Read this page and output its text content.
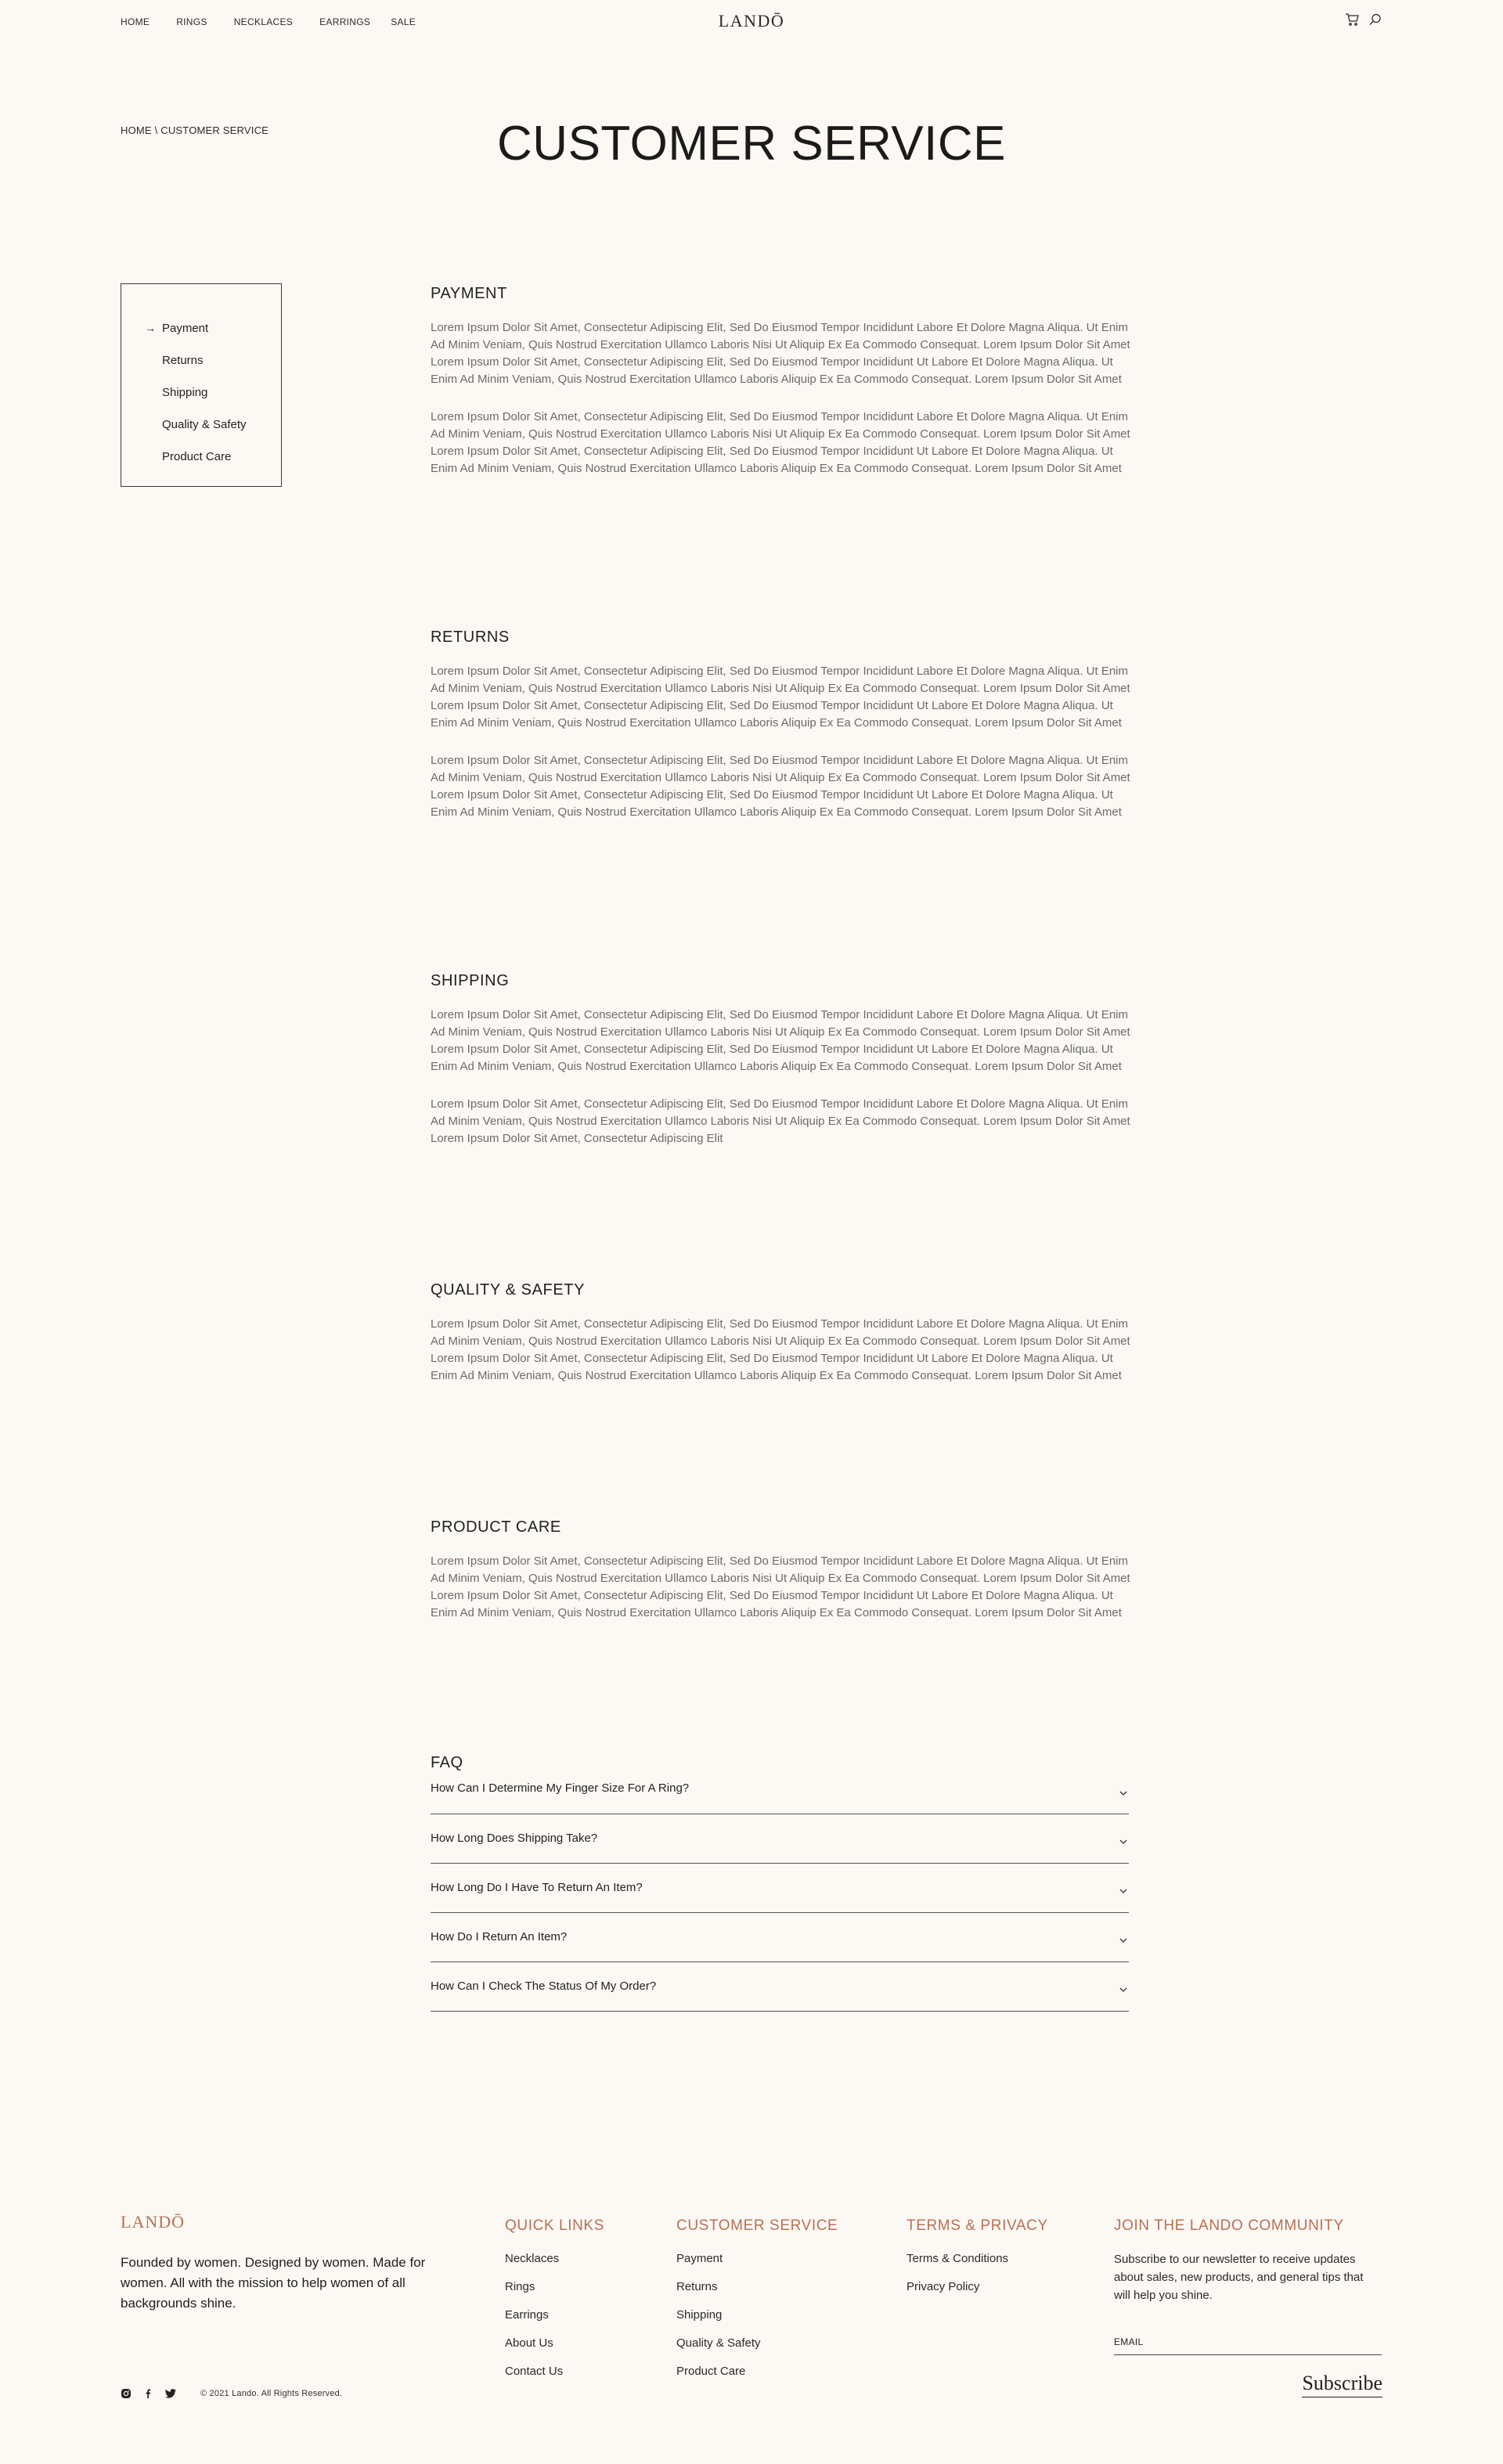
HOME	RINGS	NECKLACES	EARRINGS SALE	LANDŌ
HOME \ CUSTOMER SERVICE	CUSTOMER SERVICE
→ Payment
Returns
Shipping
Quality & Safety
Product Care
PAYMENT

Lorem Ipsum Dolor Sit Amet, Consectetur Adipiscing Elit, Sed Do Eiusmod Tempor Incididunt Labore Et Dolore Magna Aliqua. Ut Enim Ad Minim Veniam, Quis Nostrud Exercitation Ullamco Laboris Nisi Ut Aliquip Ex Ea Commodo Consequat. Lorem Ipsum Dolor Sit Amet Lorem Ipsum Dolor Sit Amet, Consectetur Adipiscing Elit, Sed Do Eiusmod Tempor Incididunt Ut Labore Et Dolore Magna Aliqua. Ut Enim Ad Minim Veniam, Quis Nostrud Exercitation Ullamco Laboris Aliquip Ex Ea Commodo Consequat. Lorem Ipsum Dolor Sit Amet

Lorem Ipsum Dolor Sit Amet, Consectetur Adipiscing Elit, Sed Do Eiusmod Tempor Incididunt Labore Et Dolore Magna Aliqua. Ut Enim Ad Minim Veniam, Quis Nostrud Exercitation Ullamco Laboris Nisi Ut Aliquip Ex Ea Commodo Consequat. Lorem Ipsum Dolor Sit Amet Lorem Ipsum Dolor Sit Amet, Consectetur Adipiscing Elit, Sed Do Eiusmod Tempor Incididunt Ut Labore Et Dolore Magna Aliqua. Ut Enim Ad Minim Veniam, Quis Nostrud Exercitation Ullamco Laboris Aliquip Ex Ea Commodo Consequat. Lorem Ipsum Dolor Sit Amet

RETURNS

Lorem Ipsum Dolor Sit Amet, Consectetur Adipiscing Elit, Sed Do Eiusmod Tempor Incididunt Labore Et Dolore Magna Aliqua. Ut Enim Ad Minim Veniam, Quis Nostrud Exercitation Ullamco Laboris Nisi Ut Aliquip Ex Ea Commodo Consequat. Lorem Ipsum Dolor Sit Amet Lorem Ipsum Dolor Sit Amet, Consectetur Adipiscing Elit, Sed Do Eiusmod Tempor Incididunt Ut Labore Et Dolore Magna Aliqua. Ut Enim Ad Minim Veniam, Quis Nostrud Exercitation Ullamco Laboris Aliquip Ex Ea Commodo Consequat. Lorem Ipsum Dolor Sit Amet

Lorem Ipsum Dolor Sit Amet, Consectetur Adipiscing Elit, Sed Do Eiusmod Tempor Incididunt Labore Et Dolore Magna Aliqua. Ut Enim Ad Minim Veniam, Quis Nostrud Exercitation Ullamco Laboris Nisi Ut Aliquip Ex Ea Commodo Consequat. Lorem Ipsum Dolor Sit Amet Lorem Ipsum Dolor Sit Amet, Consectetur Adipiscing Elit, Sed Do Eiusmod Tempor Incididunt Ut Labore Et Dolore Magna Aliqua. Ut Enim Ad Minim Veniam, Quis Nostrud Exercitation Ullamco Laboris Aliquip Ex Ea Commodo Consequat. Lorem Ipsum Dolor Sit Amet

SHIPPING

Lorem Ipsum Dolor Sit Amet, Consectetur Adipiscing Elit, Sed Do Eiusmod Tempor Incididunt Labore Et Dolore Magna Aliqua. Ut Enim Ad Minim Veniam, Quis Nostrud Exercitation Ullamco Laboris Nisi Ut Aliquip Ex Ea Commodo Consequat. Lorem Ipsum Dolor Sit Amet Lorem Ipsum Dolor Sit Amet, Consectetur Adipiscing Elit, Sed Do Eiusmod Tempor Incididunt Ut Labore Et Dolore Magna Aliqua. Ut Enim Ad Minim Veniam, Quis Nostrud Exercitation Ullamco Laboris Aliquip Ex Ea Commodo Consequat. Lorem Ipsum Dolor Sit Amet

Lorem Ipsum Dolor Sit Amet, Consectetur Adipiscing Elit, Sed Do Eiusmod Tempor Incididunt Labore Et Dolore Magna Aliqua. Ut Enim Ad Minim Veniam, Quis Nostrud Exercitation Ullamco Laboris Nisi Ut Aliquip Ex Ea Commodo Consequat. Lorem Ipsum Dolor Sit Amet Lorem Ipsum Dolor Sit Amet, Consectetur Adipiscing Elit

QUALITY & SAFETY

Lorem Ipsum Dolor Sit Amet, Consectetur Adipiscing Elit, Sed Do Eiusmod Tempor Incididunt Labore Et Dolore Magna Aliqua. Ut Enim Ad Minim Veniam, Quis Nostrud Exercitation Ullamco Laboris Nisi Ut Aliquip Ex Ea Commodo Consequat. Lorem Ipsum Dolor Sit Amet Lorem Ipsum Dolor Sit Amet, Consectetur Adipiscing Elit, Sed Do Eiusmod Tempor Incididunt Ut Labore Et Dolore Magna Aliqua. Ut Enim Ad Minim Veniam, Quis Nostrud Exercitation Ullamco Laboris Aliquip Ex Ea Commodo Consequat. Lorem Ipsum Dolor Sit Amet

PRODUCT CARE

Lorem Ipsum Dolor Sit Amet, Consectetur Adipiscing Elit, Sed Do Eiusmod Tempor Incididunt Labore Et Dolore Magna Aliqua. Ut Enim Ad Minim Veniam, Quis Nostrud Exercitation Ullamco Laboris Nisi Ut Aliquip Ex Ea Commodo Consequat. Lorem Ipsum Dolor Sit Amet Lorem Ipsum Dolor Sit Amet, Consectetur Adipiscing Elit, Sed Do Eiusmod Tempor Incididunt Ut Labore Et Dolore Magna Aliqua. Ut Enim Ad Minim Veniam, Quis Nostrud Exercitation Ullamco Laboris Aliquip Ex Ea Commodo Consequat. Lorem Ipsum Dolor Sit Amet

FAQ
How Can I Determine My Finger Size For A Ring?
How Long Does Shipping Take?
How Long Do I Have To Return An Item?
How Do I Return An Item?
How Can I Check The Status Of My Order?
LANDŌ
Founded by women. Designed by women. Made for women. All with the mission to help women of all backgrounds shine.
QUICK LINKS
Necklaces
Rings
Earrings
About Us
Contact Us
CUSTOMER SERVICE
Payment
Returns
Shipping
Quality & Safety
Product Care
TERMS & PRIVACY
Terms & Conditions
Privacy Policy
JOIN THE LANDO COMMUNITY

Subscribe to our newsletter to receive updates about sales, new products, and general tips that will help you shine.

EMAIL
Subscribe
© 2021 Lando. All Rights Reserved.
